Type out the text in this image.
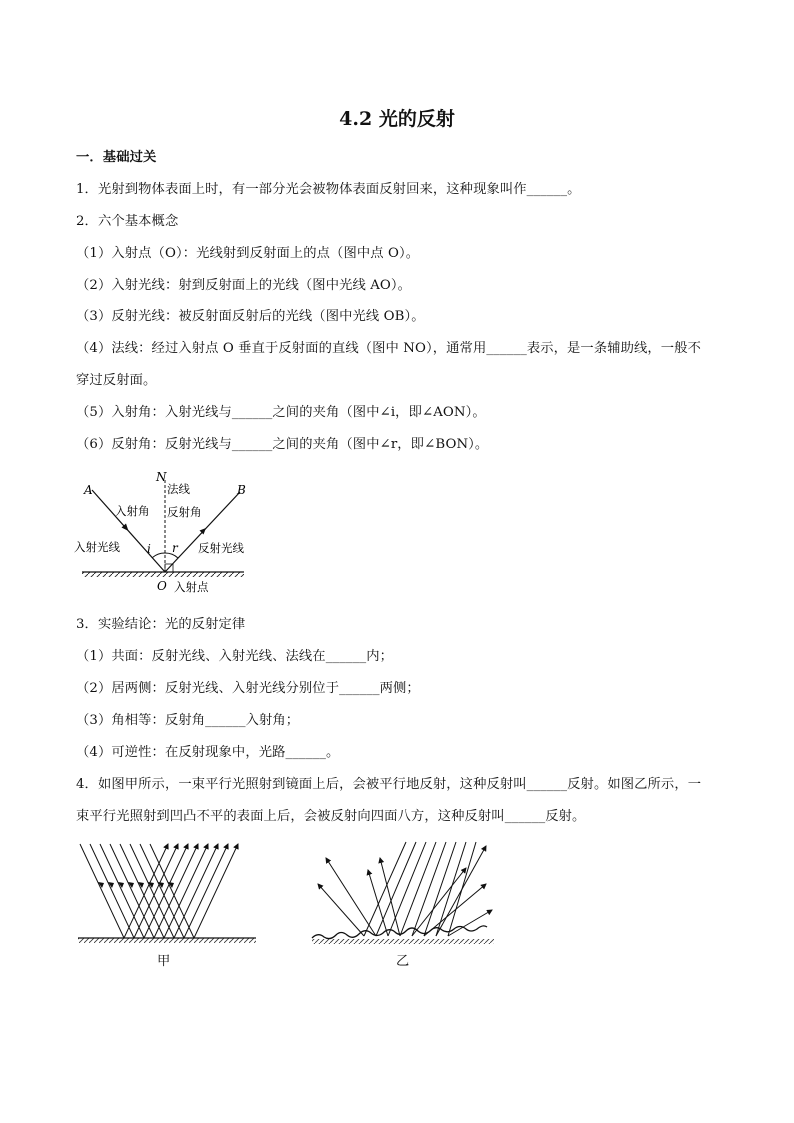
4.2 光的反射
一．基础过关
1．光射到物体表面上时，有一部分光会被物体表面反射回来，这种现象叫作______。
2．六个基本概念
（1）入射点（O）：光线射到反射面上的点（图中点 O）。
（2）入射光线：射到反射面上的光线（图中光线 AO）。
（3）反射光线：被反射面反射后的光线（图中光线 OB）。
（4）法线：经过入射点 O 垂直于反射面的直线（图中 NO），通常用______表示，是一条辅助线，一般不
穿过反射面。
（5）入射角：入射光线与______之间的夹角（图中∠i，即∠AON）。
（6）反射角：反射光线与______之间的夹角（图中∠r，即∠BON）。
A	B
N
O
i r
法线
入射角 反射角
入射光线	反射光线
入射点
3．实验结论：光的反射定律
（1）共面：反射光线、入射光线、法线在______内；
（2）居两侧：反射光线、入射光线分别位于______两侧；
（3）角相等：反射角______入射角；
（4）可逆性：在反射现象中，光路______。
4．如图甲所示，一束平行光照射到镜面上后，会被平行地反射，这种反射叫______反射。如图乙所示，一
束平行光照射到凹凸不平的表面上后，会被反射向四面八方，这种反射叫______反射。
甲	乙
